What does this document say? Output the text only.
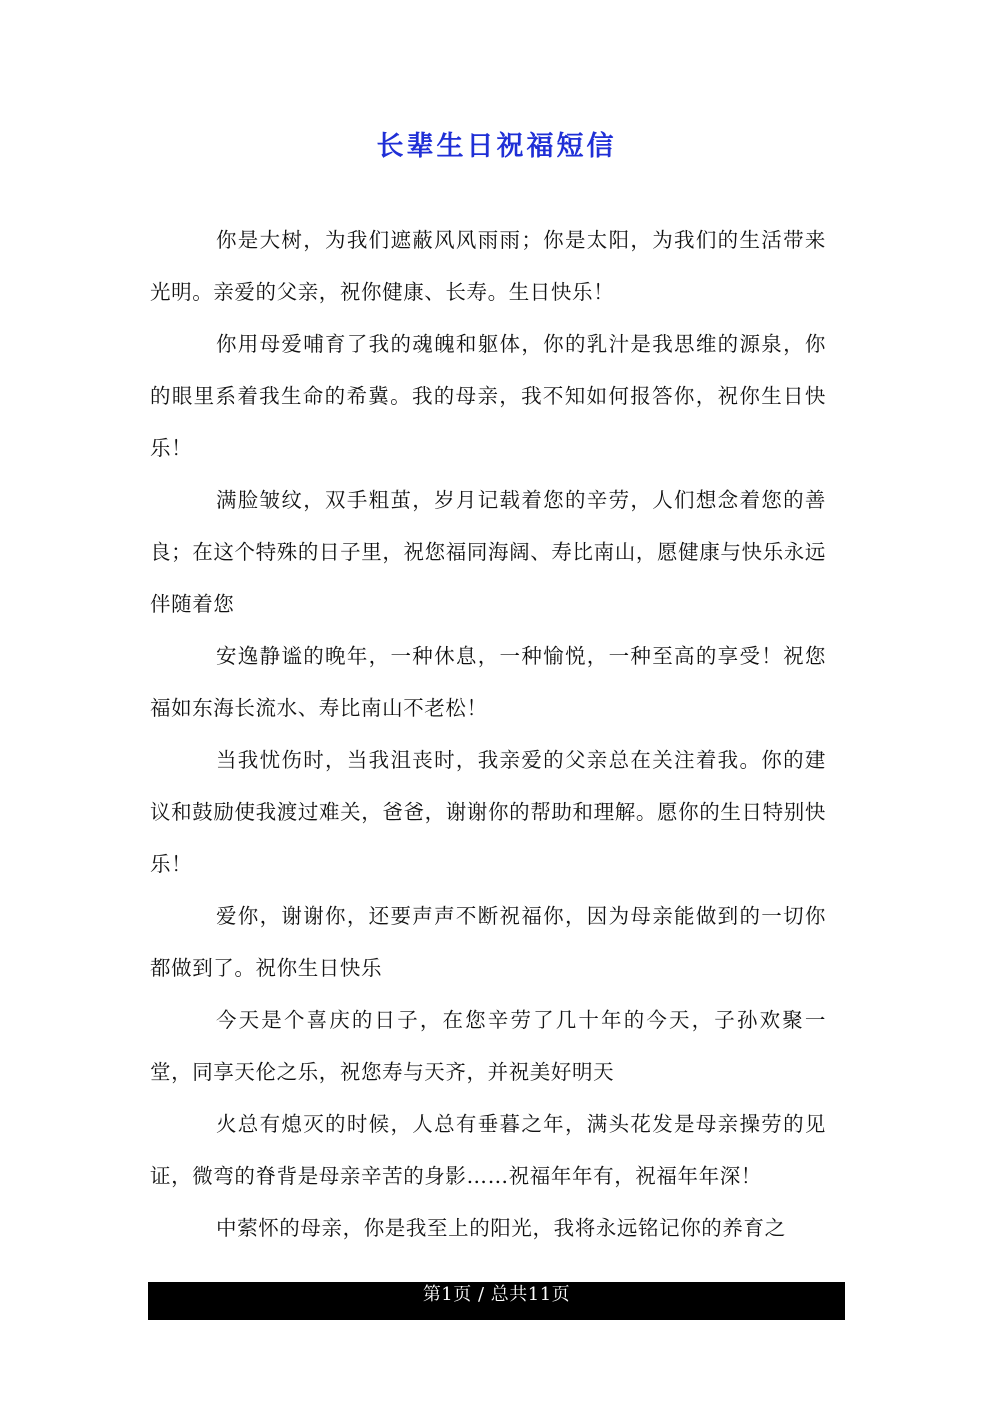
长辈生日祝福短信

你是大树，为我们遮蔽风风雨雨；你是太阳，为我们的生活带来光明。亲爱的父亲，祝你健康、长寿。生日快乐！

你用母爱哺育了我的魂魄和躯体，你的乳汁是我思维的源泉，你的眼里系着我生命的希冀。我的母亲，我不知如何报答你，祝你生日快乐！

满脸皱纹，双手粗茧，岁月记载着您的辛劳，人们想念着您的善良；在这个特殊的日子里，祝您福同海阔、寿比南山，愿健康与快乐永远伴随着您

安逸静谧的晚年，一种休息，一种愉悦，一种至高的享受！祝您福如东海长流水、寿比南山不老松！

当我忧伤时，当我沮丧时，我亲爱的父亲总在关注着我。你的建议和鼓励使我渡过难关，爸爸，谢谢你的帮助和理解。愿你的生日特别快乐！

爱你，谢谢你，还要声声不断祝福你，因为母亲能做到的一切你都做到了。祝你生日快乐

今天是个喜庆的日子，在您辛劳了几十年的今天，子孙欢聚一堂，同享天伦之乐，祝您寿与天齐，并祝美好明天

火总有熄灭的时候，人总有垂暮之年，满头花发是母亲操劳的见证，微弯的脊背是母亲辛苦的身影……祝福年年有，祝福年年深！

中萦怀的母亲，你是我至上的阳光，我将永远铭记你的养育之

第1页 / 总共11页
